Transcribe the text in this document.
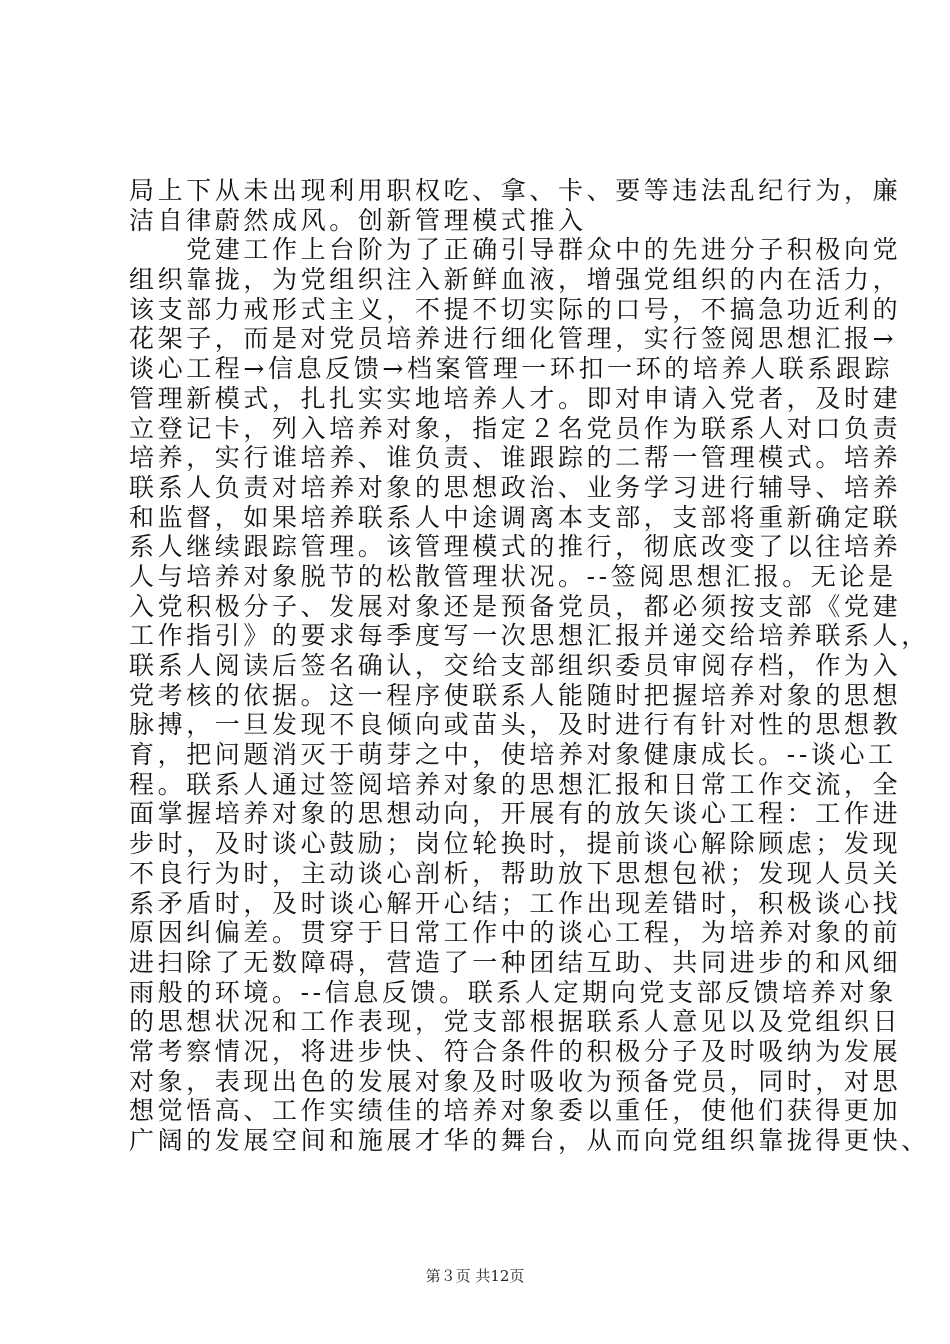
局上下从未出现利用职权吃、拿、卡、要等违法乱纪行为，廉
洁自律蔚然成风。创新管理模式推入
　　党建工作上台阶为了正确引导群众中的先进分子积极向党
组织靠拢，为党组织注入新鲜血液，增强党组织的内在活力，
该支部力戒形式主义，不提不切实际的口号，不搞急功近利的
花架子，而是对党员培养进行细化管理，实行签阅思想汇报→
谈心工程→信息反馈→档案管理一环扣一环的培养人联系跟踪
管理新模式，扎扎实实地培养人才。即对申请入党者，及时建
立登记卡，列入培养对象，指定２名党员作为联系人对口负责
培养，实行谁培养、谁负责、谁跟踪的二帮一管理模式。培养
联系人负责对培养对象的思想政治、业务学习进行辅导、培养
和监督，如果培养联系人中途调离本支部，支部将重新确定联
系人继续跟踪管理。该管理模式的推行，彻底改变了以往培养
人与培养对象脱节的松散管理状况。--签阅思想汇报。无论是
入党积极分子、发展对象还是预备党员，都必须按支部《党建
工作指引》的要求每季度写一次思想汇报并递交给培养联系人，
联系人阅读后签名确认，交给支部组织委员审阅存档，作为入
党考核的依据。这一程序使联系人能随时把握培养对象的思想
脉搏，一旦发现不良倾向或苗头，及时进行有针对性的思想教
育，把问题消灭于萌芽之中，使培养对象健康成长。--谈心工
程。联系人通过签阅培养对象的思想汇报和日常工作交流，全
面掌握培养对象的思想动向，开展有的放矢谈心工程：工作进
步时，及时谈心鼓励；岗位轮换时，提前谈心解除顾虑；发现
不良行为时，主动谈心剖析，帮助放下思想包袱；发现人员关
系矛盾时，及时谈心解开心结；工作出现差错时，积极谈心找
原因纠偏差。贯穿于日常工作中的谈心工程，为培养对象的前
进扫除了无数障碍，营造了一种团结互助、共同进步的和风细
雨般的环境。--信息反馈。联系人定期向党支部反馈培养对象
的思想状况和工作表现，党支部根据联系人意见以及党组织日
常考察情况，将进步快、符合条件的积极分子及时吸纳为发展
对象，表现出色的发展对象及时吸收为预备党员，同时，对思
想觉悟高、工作实绩佳的培养对象委以重任，使他们获得更加
广阔的发展空间和施展才华的舞台，从而向党组织靠拢得更快、
第３页 共12页
